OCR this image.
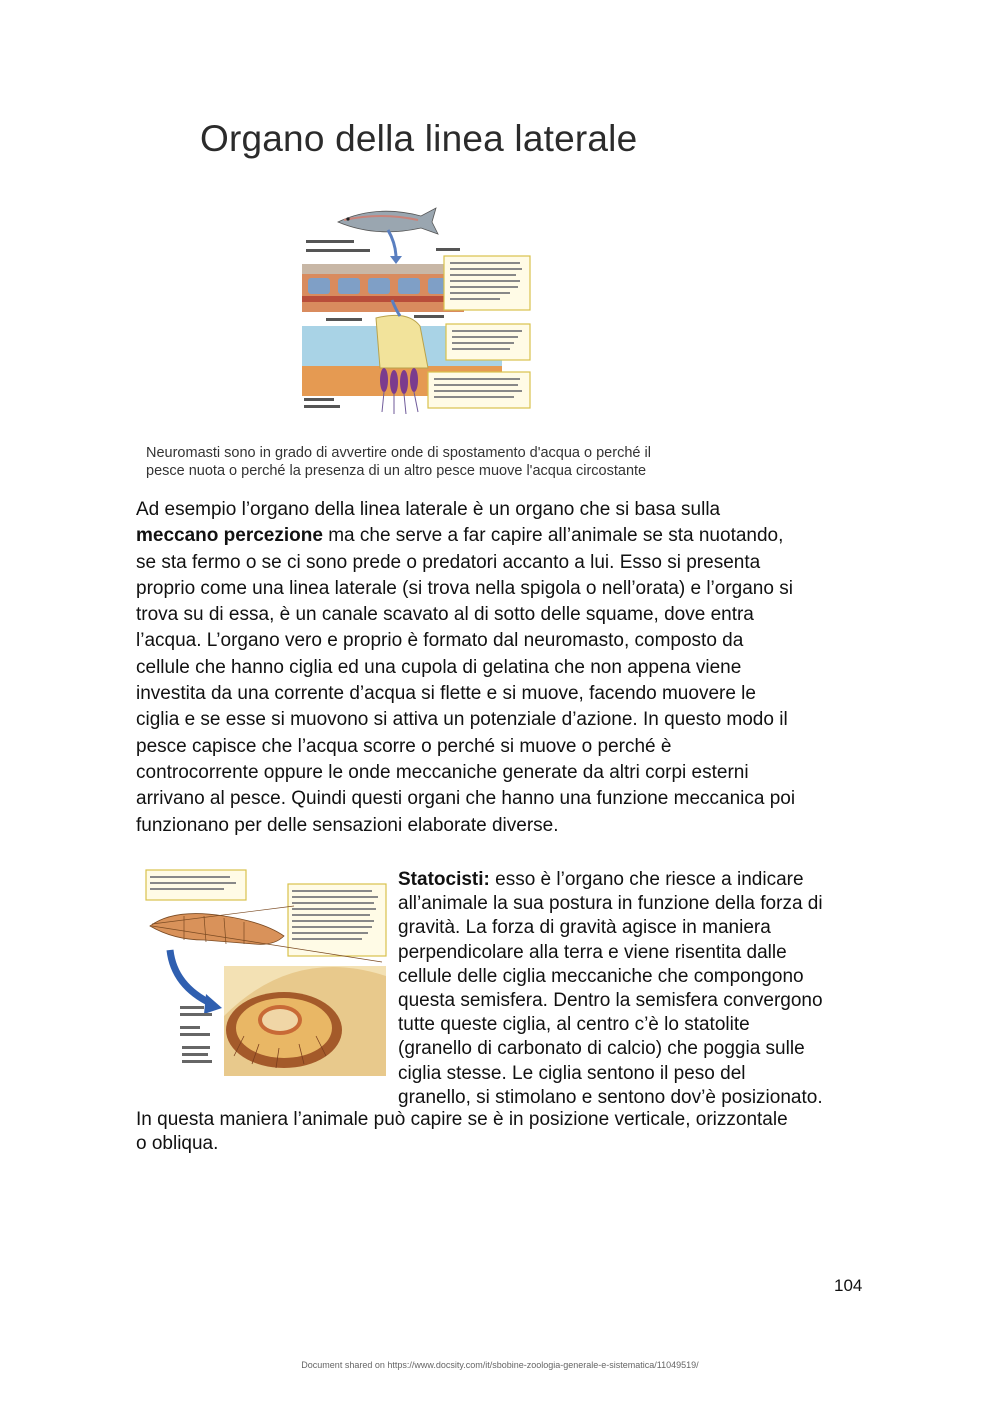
Organo della linea laterale
Neuromasti sono in grado di avvertire onde di spostamento d'acqua o perché il
pesce nuota o perché la presenza di un altro pesce muove l'acqua circostante
Ad esempio l’organo della linea laterale è un organo che si basa sulla
meccano percezione ma che serve a far capire all’animale se sta nuotando,
se sta fermo o se ci sono prede o predatori accanto a lui. Esso si presenta
proprio come una linea laterale (si trova nella spigola o nell’orata) e l’organo si
trova su di essa, è un canale scavato al di sotto delle squame, dove entra
l’acqua. L’organo vero e proprio è formato dal neuromasto, composto da
cellule che hanno ciglia ed una cupola di gelatina che non appena viene
investita da una corrente d’acqua si flette e si muove, facendo muovere le
ciglia e se esse si muovono si attiva un potenziale d’azione. In questo modo il
pesce capisce che l’acqua scorre o perché si muove o perché è
controcorrente oppure le onde meccaniche generate da altri corpi esterni
arrivano al pesce. Quindi questi organi che hanno una funzione meccanica poi
funzionano per delle sensazioni elaborate diverse.
Statocisti: esso è l’organo che riesce a indicare
all’animale la sua postura in funzione della forza di
gravità. La forza di gravità agisce in maniera
perpendicolare alla terra e viene risentita dalle
cellule delle ciglia meccaniche che compongono
questa semisfera. Dentro la semisfera convergono
tutte queste ciglia, al centro c’è lo statolite
(granello di carbonato di calcio) che poggia sulle
ciglia stesse. Le ciglia sentono il peso del
granello, si stimolano e sentono dov’è posizionato.
In questa maniera l’animale può capire se è in posizione verticale, orizzontale
o obliqua.
104
Document shared on https://www.docsity.com/it/sbobine-zoologia-generale-e-sistematica/11049519/
